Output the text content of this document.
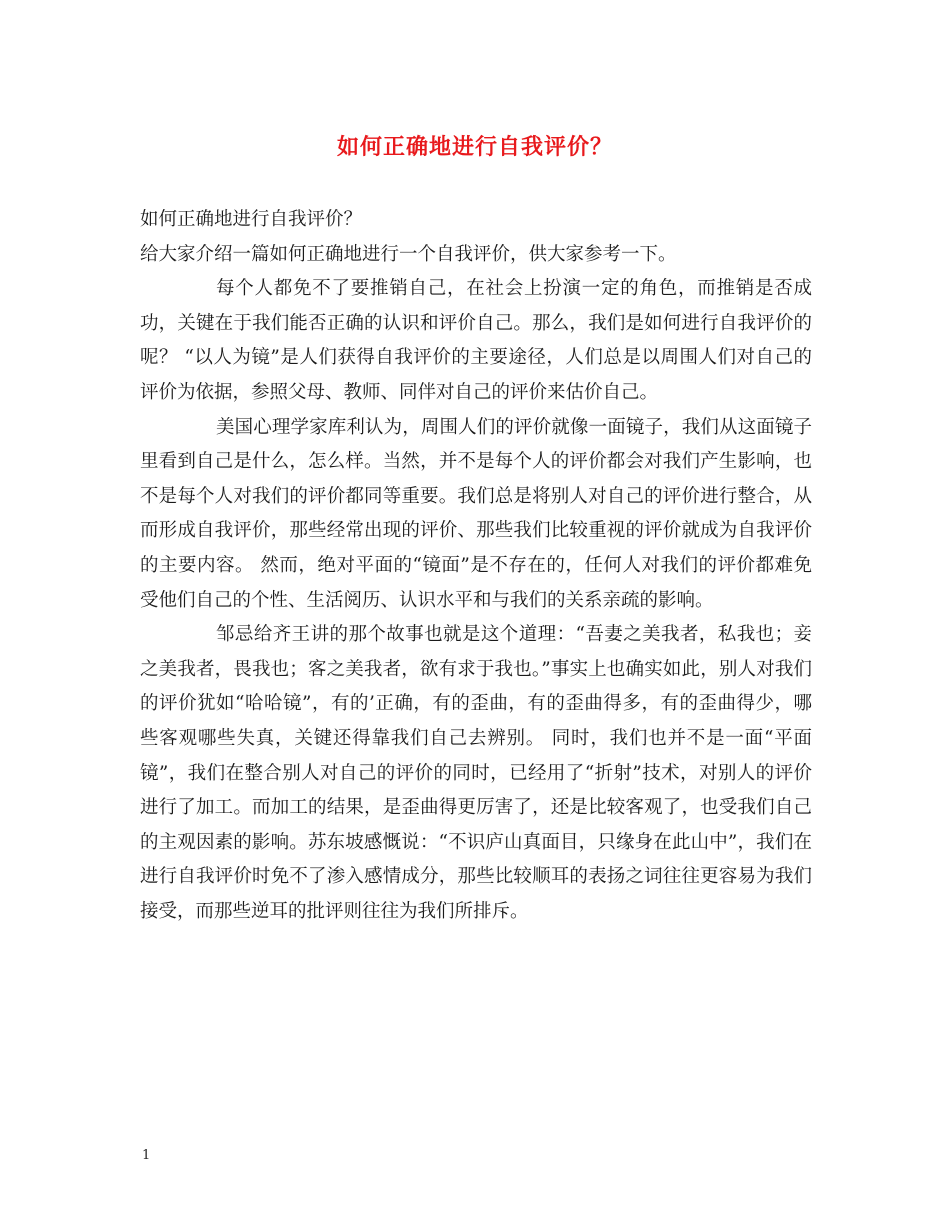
如何正确地进行自我评价？

如何正确地进行自我评价？

给大家介绍一篇如何正确地进行一个自我评价，供大家参考一下。

每个人都免不了要推销自己，在社会上扮演一定的角色，而推销是否成功，关键在于我们能否正确的认识和评价自己。那么，我们是如何进行自我评价的呢？ “以人为镜”是人们获得自我评价的主要途径，人们总是以周围人们对自己的评价为依据，参照父母、教师、同伴对自己的评价来估价自己。

美国心理学家库利认为，周围人们的评价就像一面镜子，我们从这面镜子里看到自己是什么，怎么样。当然，并不是每个人的评价都会对我们产生影响，也不是每个人对我们的评价都同等重要。我们总是将别人对自己的评价进行整合，从而形成自我评价，那些经常出现的评价、那些我们比较重视的评价就成为自我评价的主要内容。 然而，绝对平面的“镜面”是不存在的，任何人对我们的评价都难免受他们自己的个性、生活阅历、认识水平和与我们的关系亲疏的影响。

邹忌给齐王讲的那个故事也就是这个道理：“吾妻之美我者，私我也；妾之美我者，畏我也；客之美我者，欲有求于我也。”事实上也确实如此，别人对我们的评价犹如“哈哈镜”，有的’正确，有的歪曲，有的歪曲得多，有的歪曲得少，哪些客观哪些失真，关键还得靠我们自己去辨别。 同时，我们也并不是一面“平面镜”，我们在整合别人对自己的评价的同时，已经用了“折射”技术，对别人的评价进行了加工。而加工的结果，是歪曲得更厉害了，还是比较客观了，也受我们自己的主观因素的影响。苏东坡感慨说：“不识庐山真面目，只缘身在此山中”，我们在进行自我评价时免不了渗入感情成分，那些比较顺耳的表扬之词往往更容易为我们接受，而那些逆耳的批评则往往为我们所排斥。

1
